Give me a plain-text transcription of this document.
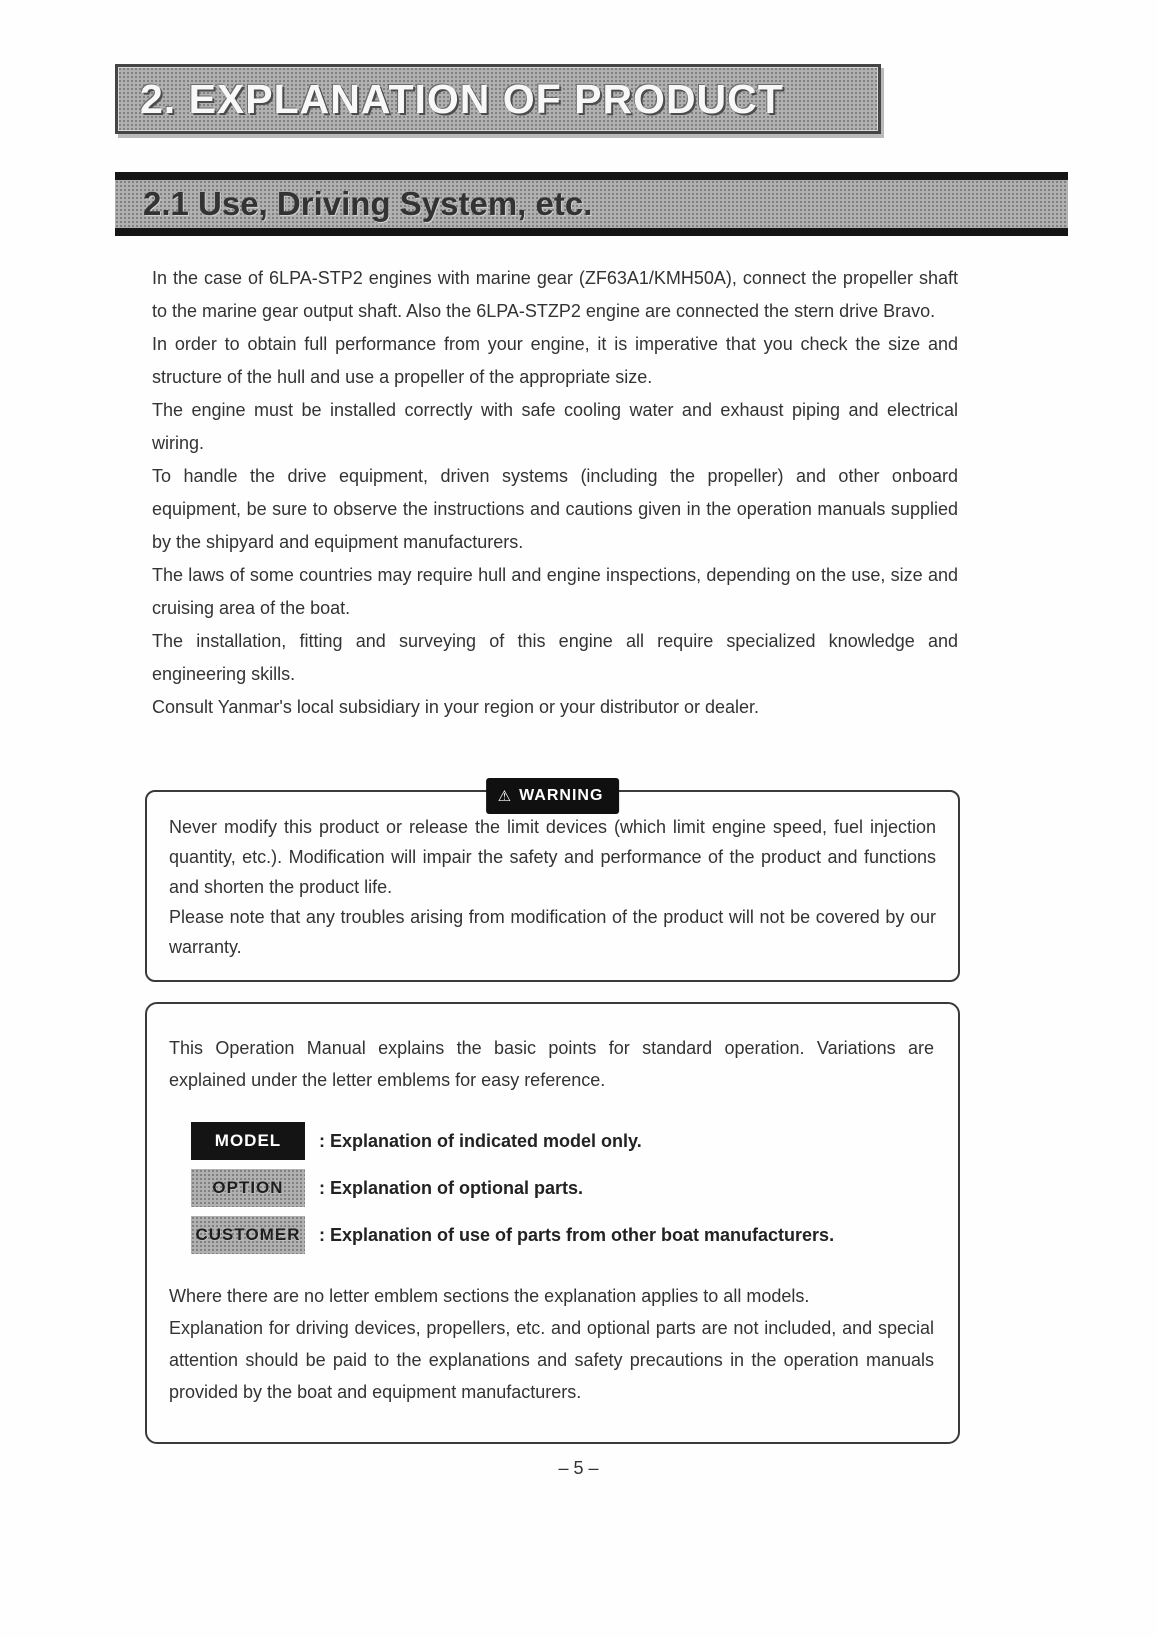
2. EXPLANATION OF PRODUCT
2.1 Use, Driving System, etc.

In the case of 6LPA-STP2 engines with marine gear (ZF63A1/KMH50A), connect the propeller shaft to the marine gear output shaft. Also the 6LPA-STZP2 engine are connected the stern drive Bravo.

In order to obtain full performance from your engine, it is imperative that you check the size and structure of the hull and use a propeller of the appropriate size.

The engine must be installed correctly with safe cooling water and exhaust piping and electrical wiring.

To handle the drive equipment, driven systems (including the propeller) and other onboard equipment, be sure to observe the instructions and cautions given in the operation manuals supplied by the shipyard and equipment manufacturers.

The laws of some countries may require hull and engine inspections, depending on the use, size and cruising area of the boat.

The installation, fitting and surveying of this engine all require specialized knowledge and engineering skills.

Consult Yanmar's local subsidiary in your region or your distributor or dealer.

⚠ WARNING

Never modify this product or release the limit devices (which limit engine speed, fuel injection quantity, etc.). Modification will impair the safety and performance of the product and functions and shorten the product life.

Please note that any troubles arising from modification of the product will not be covered by our warranty.

This Operation Manual explains the basic points for standard operation. Variations are explained under the letter emblems for easy reference.

MODEL	: Explanation of indicated model only.
OPTION	: Explanation of optional parts.
CUSTOMER : Explanation of use of parts from other boat manufacturers.

Where there are no letter emblem sections the explanation applies to all models.

Explanation for driving devices, propellers, etc. and optional parts are not included, and special attention should be paid to the explanations and safety precautions in the operation manuals provided by the boat and equipment manufacturers.

– 5 –
